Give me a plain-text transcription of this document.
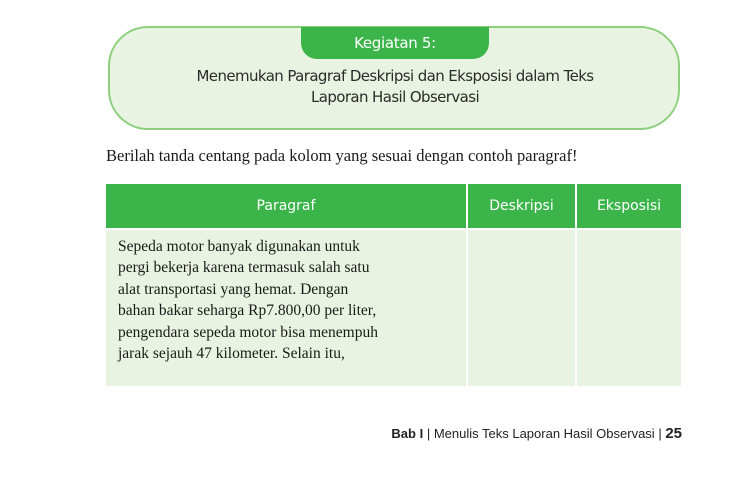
Kegiatan 5:
Menemukan Paragraf Deskripsi dan Eksposisi dalam Teks
Laporan Hasil Observasi
Berilah tanda centang pada kolom yang sesuai dengan contoh paragraf!
Paragraf	Deskripsi	Eksposisi
Sepeda motor banyak digunakan untuk
pergi bekerja karena termasuk salah satu
alat transportasi yang hemat. Dengan
bahan bakar seharga Rp7.800,00 per liter,
pengendara sepeda motor bisa menempuh
jarak sejauh 47 kilometer. Selain itu,
Bab I | Menulis Teks Laporan Hasil Observasi | 25
